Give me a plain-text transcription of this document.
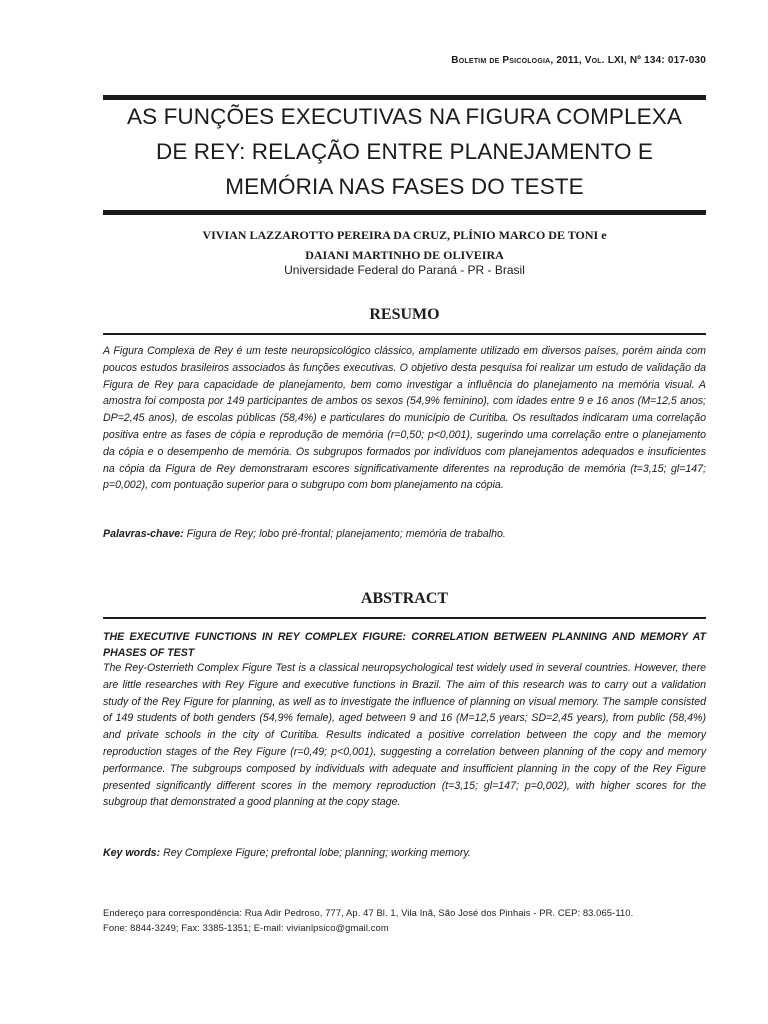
Boletim de Psicologia, 2011, Vol. LXI, Nº 134: 017-030
AS FUNÇÕES EXECUTIVAS NA FIGURA COMPLEXA
DE REY: RELAÇÃO ENTRE PLANEJAMENTO E
MEMÓRIA NAS FASES DO TESTE
VIVIAN LAZZAROTTO PEREIRA DA CRUZ, PLÍNIO MARCO DE TONI e
DAIANI MARTINHO DE OLIVEIRA
Universidade Federal do Paraná - PR - Brasil
RESUMO

A Figura Complexa de Rey é um teste neuropsicológico clássico, amplamente utilizado em diversos países, porém ainda com poucos estudos brasileiros associados às funções executivas. O objetivo desta pesquisa foi realizar um estudo de validação da Figura de Rey para capacidade de planejamento, bem como investigar a influência do planejamento na memória visual. A amostra foi composta por 149 participantes de ambos os sexos (54,9% feminino), com idades entre 9 e 16 anos (M=12,5 anos; DP=2,45 anos), de escolas públicas (58,4%) e particulares do município de Curitiba. Os resultados indicaram uma correlação positiva entre as fases de cópia e reprodução de memória (r=0,50; p<0,001), sugerindo uma correlação entre o planejamento da cópia e o desempenho de memória. Os subgrupos formados por indivíduos com planejamentos adequados e insuficientes na cópia da Figura de Rey demonstraram escores significativamente diferentes na reprodução de memória (t=3,15; gl=147; p=0,002), com pontuação superior para o subgrupo com bom planejamento na cópia.

Palavras-chave: Figura de Rey; lobo pré-frontal; planejamento; memória de trabalho.

ABSTRACT

THE EXECUTIVE FUNCTIONS IN REY COMPLEX FIGURE: CORRELATION BETWEEN PLANNING AND MEMORY AT PHASES OF TEST

The Rey-Osterrieth Complex Figure Test is a classical neuropsychological test widely used in several countries. However, there are little researches with Rey Figure and executive functions in Brazil. The aim of this research was to carry out a validation study of the Rey Figure for planning, as well as to investigate the influence of planning on visual memory. The sample consisted of 149 students of both genders (54,9% female), aged between 9 and 16 (M=12,5 years; SD=2,45 years), from public (58,4%) and private schools in the city of Curitiba. Results indicated a positive correlation between the copy and the memory reproduction stages of the Rey Figure (r=0,49; p<0,001), suggesting a correlation between planning of the copy and memory performance. The subgroups composed by individuals with adequate and insufficient planning in the copy of the Rey Figure presented significantly different scores in the memory reproduction (t=3,15; gl=147; p=0,002), with higher scores for the subgroup that demonstrated a good planning at the copy stage.

Key words: Rey Complexe Figure; prefrontal lobe; planning; working memory.

Endereço para correspondência: Rua Adir Pedroso, 777, Ap. 47 Bl. 1, Vila Inã, São José dos Pinhais - PR. CEP: 83.065-110.
Fone: 8844-3249; Fax: 3385-1351; E-mail: vivianlpsico@gmail.com
